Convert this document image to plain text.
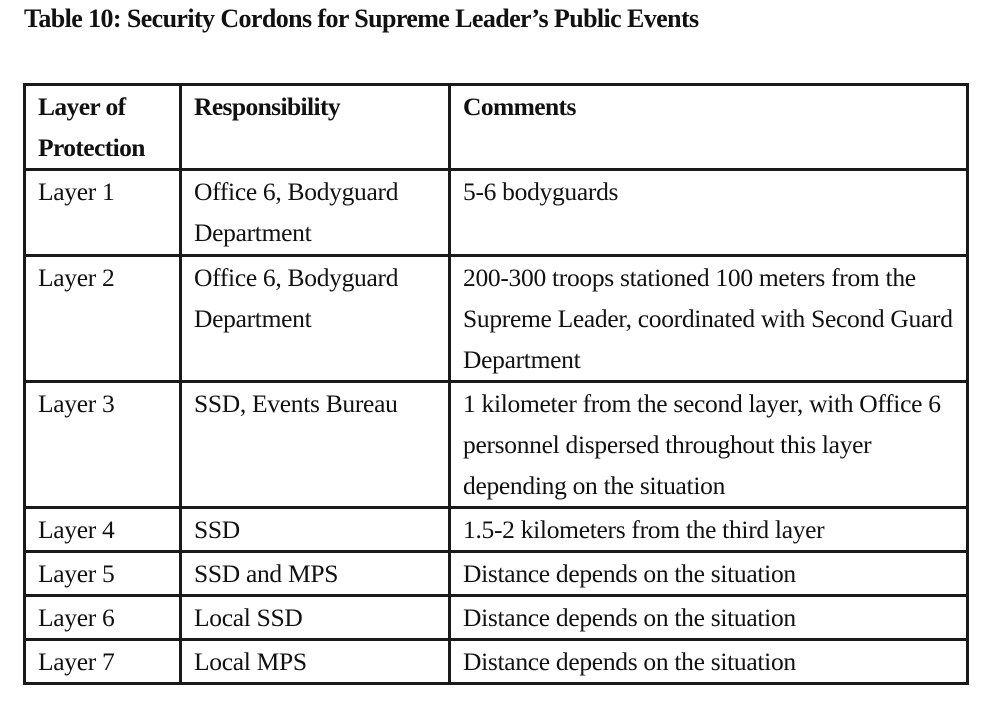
Table 10: Security Cordons for Supreme Leader’s Public Events
Layer of Protection	Responsibility	Comments
Layer 1	Office 6, Bodyguard Department	5-6 bodyguards
Layer 2	Office 6, Bodyguard Department	200-300 troops stationed 100 meters from the Supreme Leader, coordinated with Second Guard Department
Layer 3	SSD, Events Bureau	1 kilometer from the second layer, with Office 6 personnel dispersed throughout this layer depending on the situation
Layer 4	SSD	1.5-2 kilometers from the third layer
Layer 5	SSD and MPS	Distance depends on the situation
Layer 6	Local SSD	Distance depends on the situation
Layer 7	Local MPS	Distance depends on the situation
